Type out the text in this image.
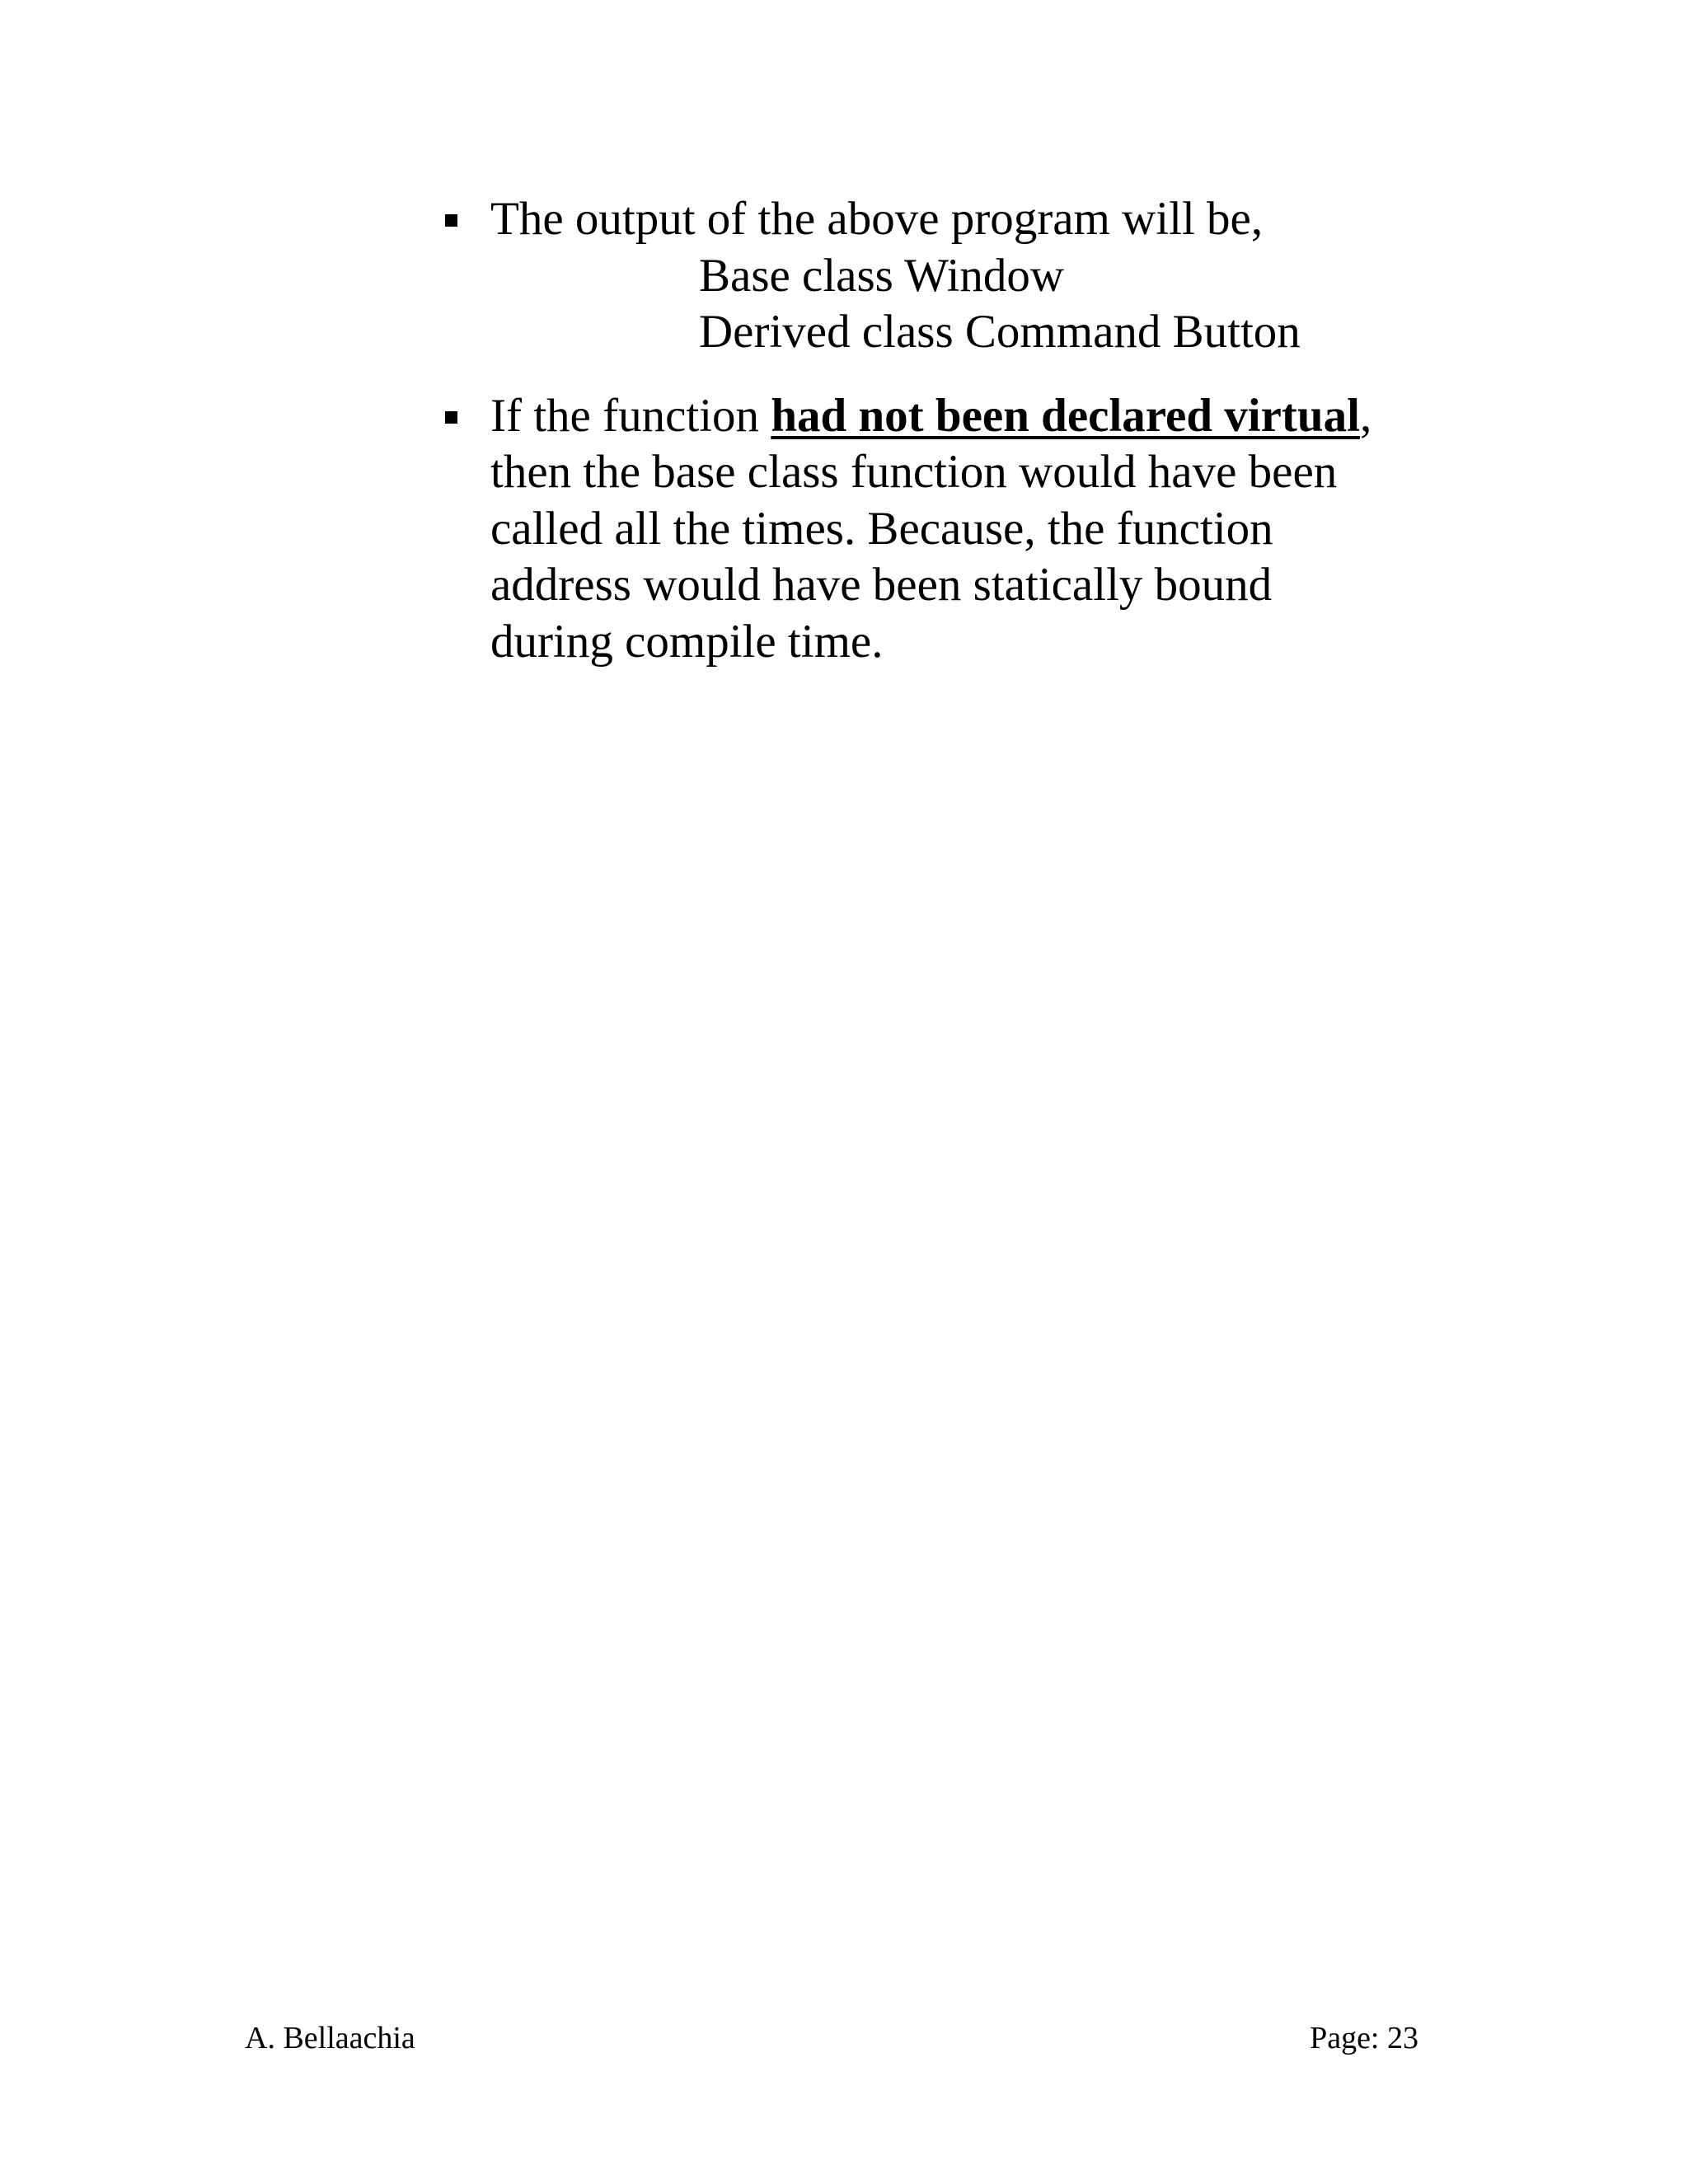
The output of the above program will be,
Base class Window
Derived class Command Button
If the function had not been declared virtual,
then the base class function would have been
called all the times. Because, the function
address would have been statically bound
during compile time.
A. Bellaachia	Page: 23
